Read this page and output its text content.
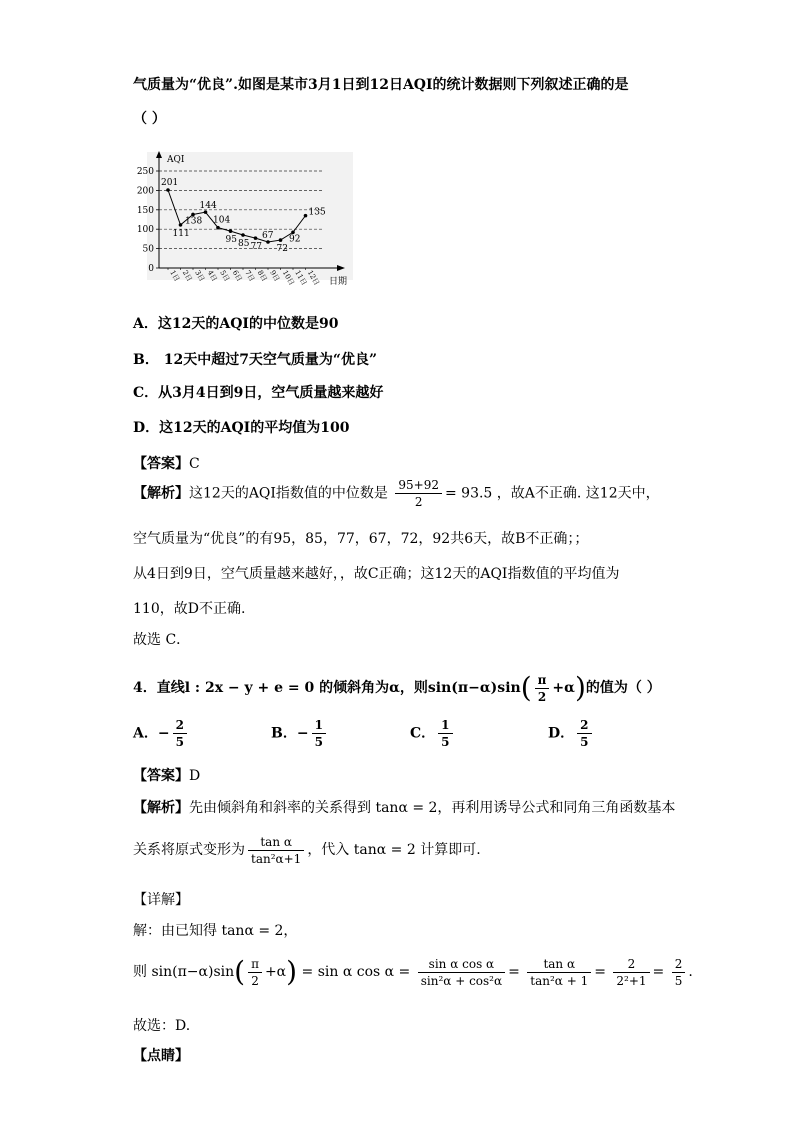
气质量为“优良”.如图是某市3月1日到12日AQI的统计数据则下列叙述正确的是
（ ）
0
50
100
150
200
250
AQI
日期
1日 2日 3日 4日 5日 6日 7日 8日 9日 10日
11日
12日
201
111
138
144
104
95 85 77
67
72
92
135
A．这12天的AQI的中位数是90
B． 12天中超过7天空气质量为“优良”
C．从3月4日到9日，空气质量越来越好
D．这12天的AQI的平均值为100
【答案】C
【解析】这12天的AQI指数值的中位数是 $\frac{95+92}{2} = 93.5$ ，故A不正确. 这12天中，
空气质量为“优良”的有95，85，77，67，72，92共6天，故B不正确；；
从4日到9日，空气质量越来越好，，故C正确；这12天的AQI指数值的平均值为
110，故D不正确.
故选 C．
4．直线l : 2x − y + e = 0 的倾斜角为α，则$\sin(\pi-\alpha)\sin( \frac{\pi}{2} +\alpha)$的值为（ ）
A．− $\frac{2}{5}$	B．− $\frac{1}{5}$	C． $\frac{1}{5}$	D． $\frac{2}{5}$
【答案】D
【解析】先由倾斜角和斜率的关系得到 tanα = 2，再利用诱导公式和同角三角函数基本
关系将原式变形为 $\frac{\text{tan α}}{\text{tan²α+1}}$ ，代入 tanα = 2 计算即可.
【详解】
解：由已知得 tanα = 2，
则 $\sin(\pi-\alpha)\sin( \frac{\pi}{2} +\alpha) = \sin \alpha$ $\cos \alpha = \frac{\text{sin α cos α}}{\text{sin²α + cos²α}} = \frac{\text{tan α}}{\text{tan²α + 1}} = \frac{2}{\text{2²+1}} = \frac{2}{5}$ .
故选：D.
【点睛】
